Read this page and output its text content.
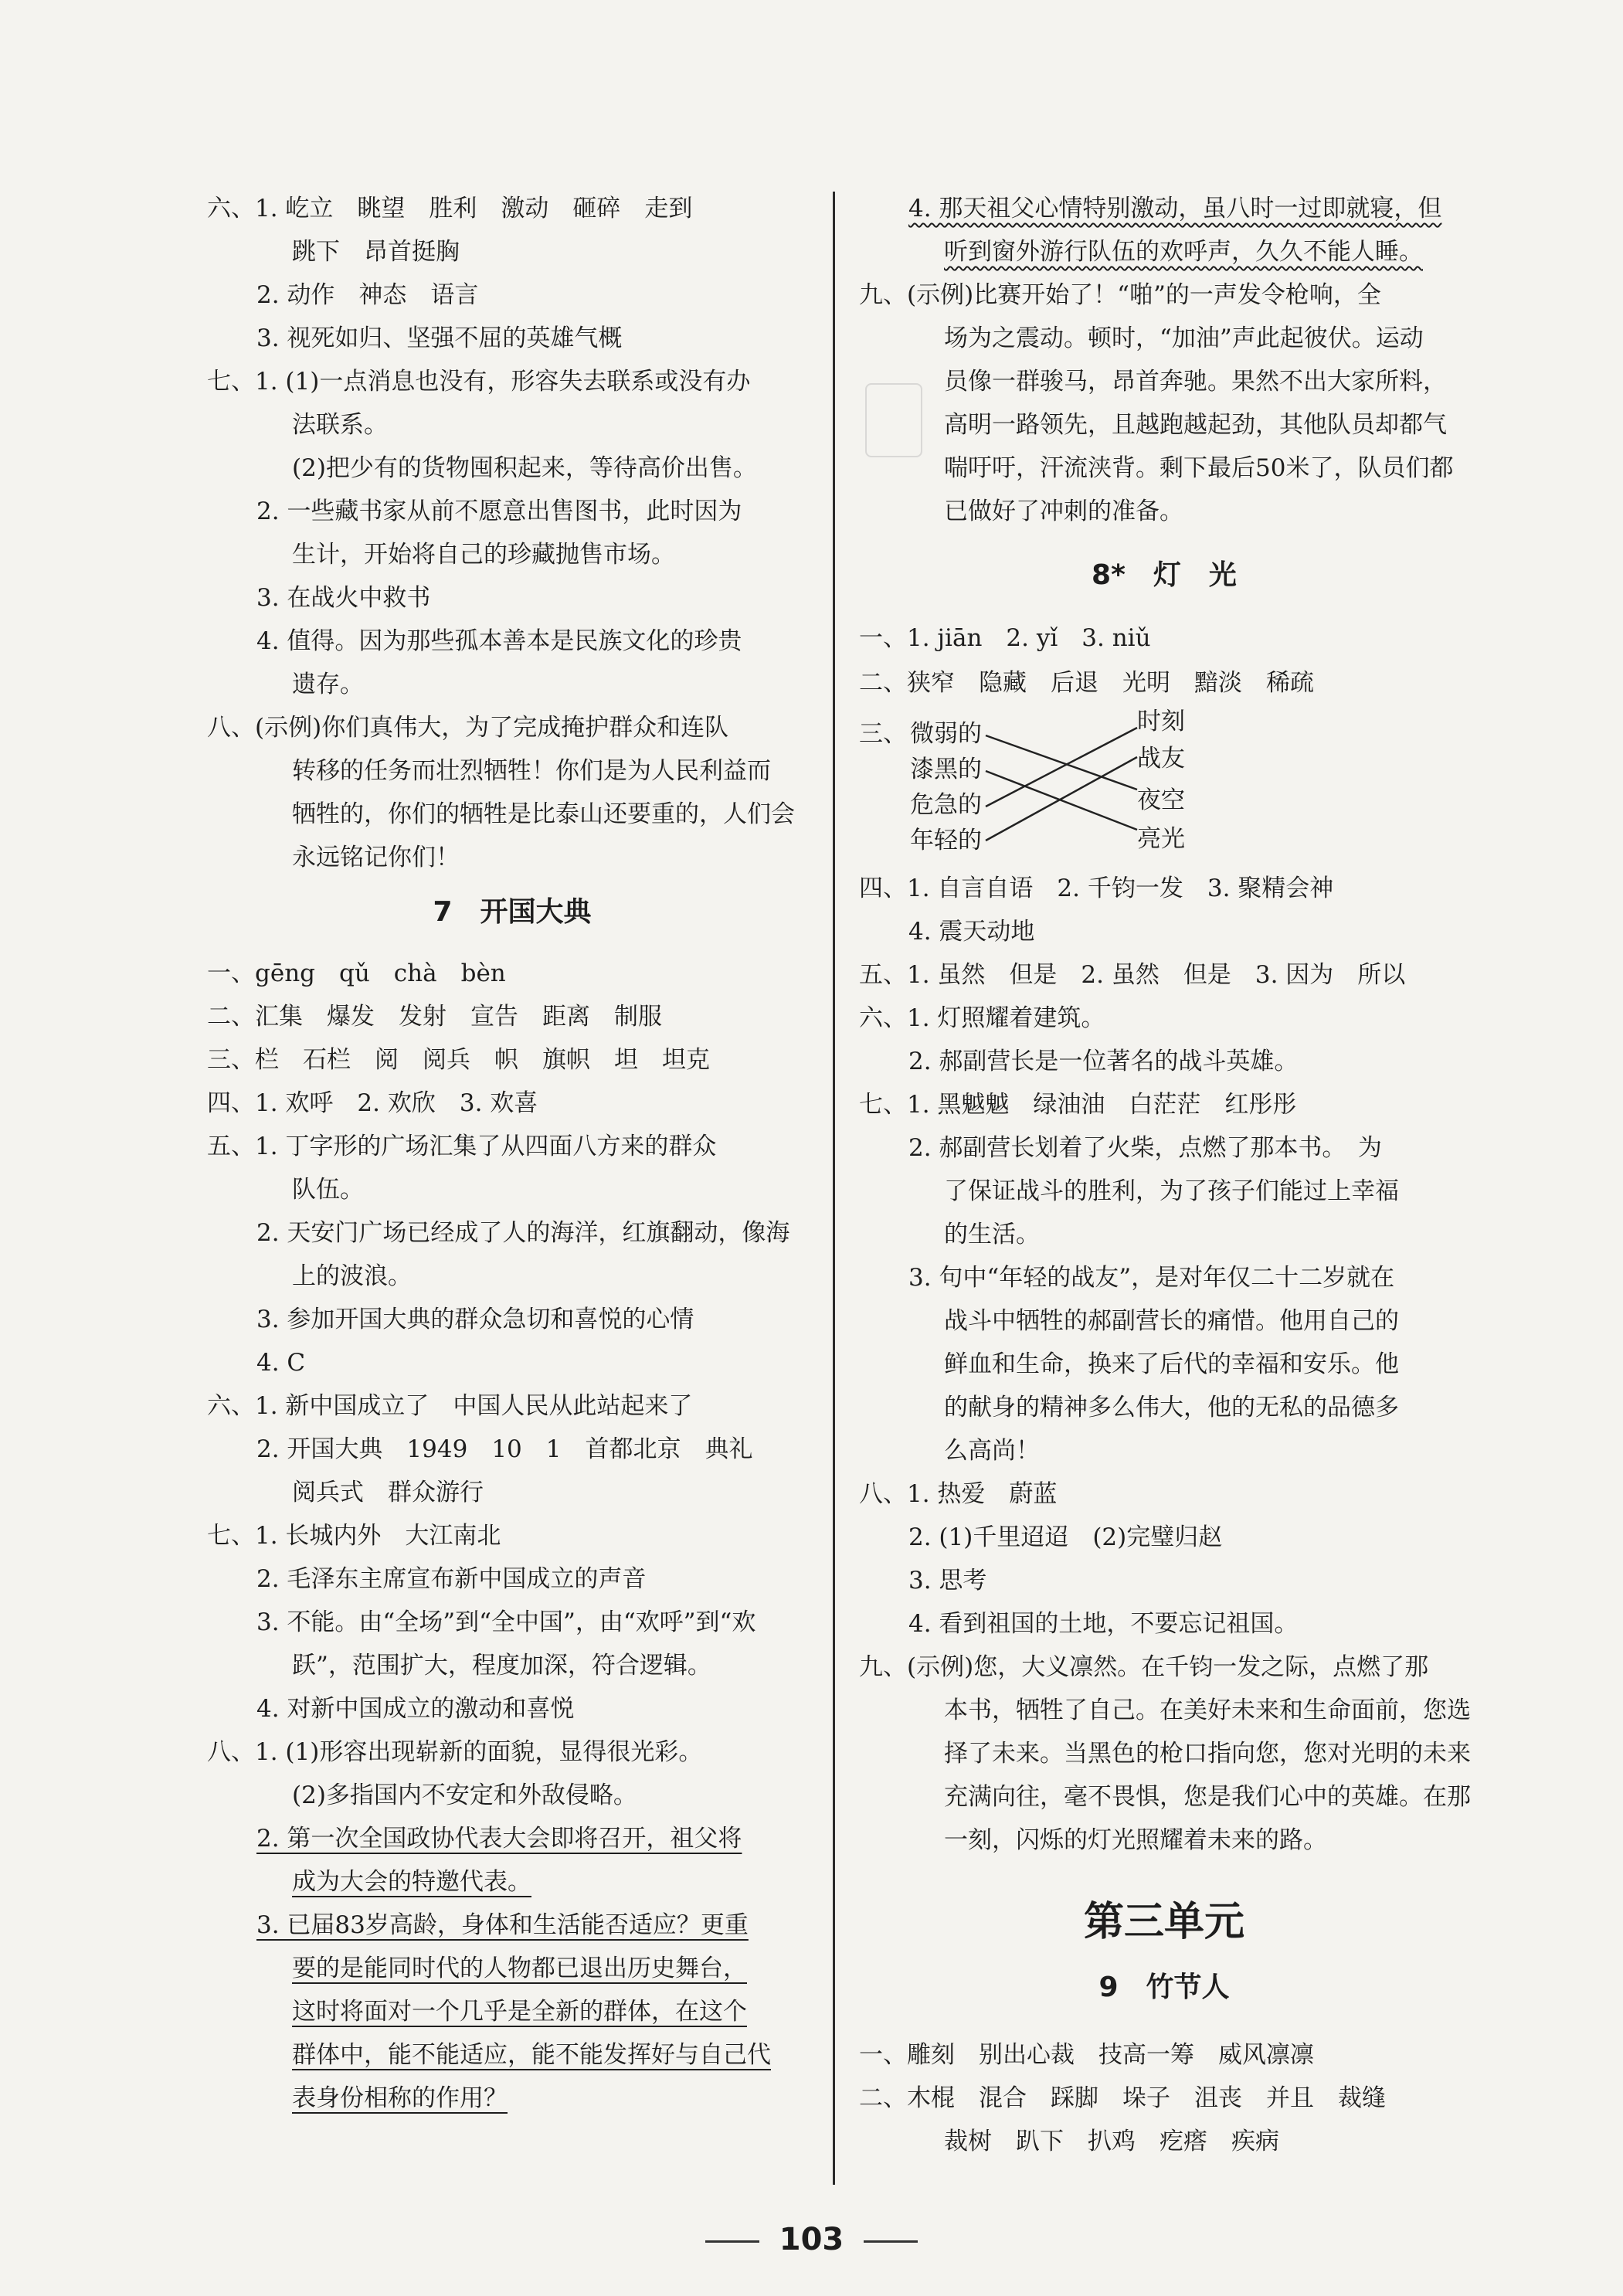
六、1. 屹立　眺望　胜利　激动　砸碎　走到
跳下　昂首挺胸
2. 动作　神态　语言
3. 视死如归、坚强不屈的英雄气概
七、1. (1)一点消息也没有，形容失去联系或没有办
法联系。
(2)把少有的货物囤积起来，等待高价出售。
2. 一些藏书家从前不愿意出售图书，此时因为
生计，开始将自己的珍藏抛售市场。
3. 在战火中救书
4. 值得。因为那些孤本善本是民族文化的珍贵
遗存。
八、(示例)你们真伟大，为了完成掩护群众和连队
转移的任务而壮烈牺牲！你们是为人民利益而
牺牲的，你们的牺牲是比泰山还要重的，人们会
永远铭记你们！
7　开国大典
一、gēng　qǔ　chà　bèn
二、汇集　爆发　发射　宣告　距离　制服
三、栏　石栏　阅　阅兵　帜　旗帜　坦　坦克
四、1. 欢呼　2. 欢欣　3. 欢喜
五、1. 丁字形的广场汇集了从四面八方来的群众
队伍。
2. 天安门广场已经成了人的海洋，红旗翻动，像海
上的波浪。
3. 参加开国大典的群众急切和喜悦的心情
4. C
六、1. 新中国成立了　中国人民从此站起来了
2. 开国大典　1949　10　1　首都北京　典礼
阅兵式　群众游行
七、1. 长城内外　大江南北
2. 毛泽东主席宣布新中国成立的声音
3. 不能。由“全场”到“全中国”，由“欢呼”到“欢
跃”，范围扩大，程度加深，符合逻辑。
4. 对新中国成立的激动和喜悦
八、1. (1)形容出现崭新的面貌，显得很光彩。
(2)多指国内不安定和外敌侵略。
2. 第一次全国政协代表大会即将召开，祖父将
成为大会的特邀代表。
3. 已届83岁高龄，身体和生活能否适应？更重
要的是能同时代的人物都已退出历史舞台，
这时将面对一个几乎是全新的群体，在这个
群体中，能不能适应，能不能发挥好与自己代
表身份相称的作用？
4. 那天祖父心情特别激动，虽八时一过即就寝，但
听到窗外游行队伍的欢呼声，久久不能人睡。
九、(示例)比赛开始了！“啪”的一声发令枪响，全
场为之震动。顿时，“加油”声此起彼伏。运动
员像一群骏马，昂首奔驰。果然不出大家所料，
高明一路领先，且越跑越起劲，其他队员却都气
喘吁吁，汗流浃背。剩下最后50米了，队员们都
已做好了冲刺的准备。
8*　灯　光
一、1. jiān　2. yǐ　3. niǔ
二、狭窄　隐藏　后退　光明　黯淡　稀疏
三、 微弱的
漆黑的
危急的
年轻的
时刻
战友
夜空
亮光
四、1. 自言自语　2. 千钧一发　3. 聚精会神
4. 震天动地
五、1. 虽然　但是　2. 虽然　但是　3. 因为　所以
六、1. 灯照耀着建筑。
2. 郝副营长是一位著名的战斗英雄。
七、1. 黑魆魆　绿油油　白茫茫　红彤彤
2. 郝副营长划着了火柴，点燃了那本书。　为
了保证战斗的胜利，为了孩子们能过上幸福
的生活。
3. 句中“年轻的战友”，是对年仅二十二岁就在
战斗中牺牲的郝副营长的痛惜。他用自己的
鲜血和生命，换来了后代的幸福和安乐。他
的献身的精神多么伟大，他的无私的品德多
么高尚！
八、1. 热爱　蔚蓝
2. (1)千里迢迢　(2)完璧归赵
3. 思考
4. 看到祖国的土地，不要忘记祖国。
九、(示例)您，大义凛然。在千钧一发之际，点燃了那
本书，牺牲了自己。在美好未来和生命面前，您选
择了未来。当黑色的枪口指向您，您对光明的未来
充满向往，毫不畏惧，您是我们心中的英雄。在那
一刻，闪烁的灯光照耀着未来的路。
第三单元
9　竹节人
一、雕刻　别出心裁　技高一筹　威风凛凛
二、木棍　混合　踩脚　垛子　沮丧　并且　裁缝
裁树　趴下　扒鸡　疙瘩　疾病
103
